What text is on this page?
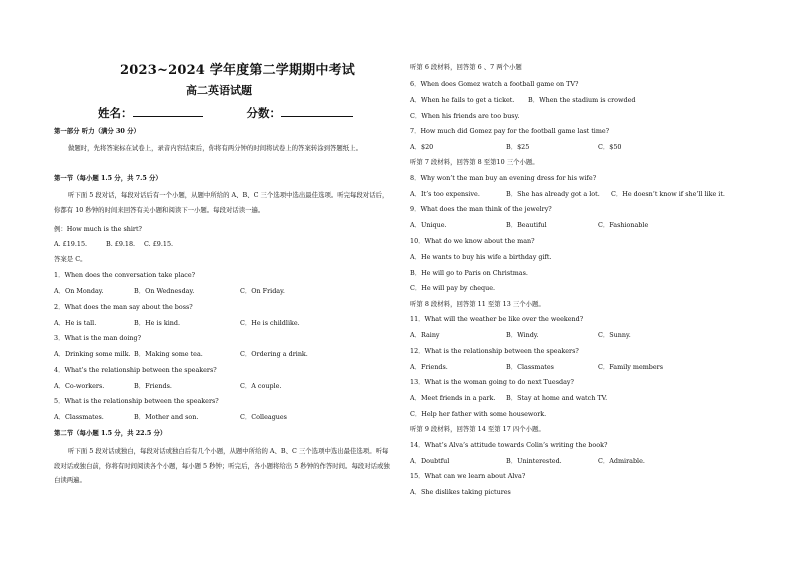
2023~2024 学年度第二学期期中考试
高二英语试题
姓名：	分数：
第一部分 听力（满分 30 分）
做题时，先将答案标在试卷上，录音内容结束后，你将有两分钟的时间将试卷上的答案转涂到答题纸上。
第一节（每小题 1.5 分，共 7.5 分）
听下面 5 段对话，每段对话后有一个小题，从题中所给的 A、B、C 三个选项中选出最佳选项。听完每段对话后，你都有 10 秒钟的时间来回答有关小题和阅读下一小题。每段对话读一遍。
例：How much is the shirt?
A. £19.15.	B. £9.18. C. £9.15.
答案是 C。
1．When does the conversation take place?
A．On Monday.	B．On Wednesday.	C．On Friday.
2．What does the man say about the boss?
A．He is tall.	B．He is kind.	C．He is childlike.
3．What is the man doing?
A．Drinking some milk. B．Making some tea.	C．Ordering a drink.
4．What’s the relationship between the speakers?
A．Co-workers.	B．Friends.	C．A couple.
5．What is the relationship between the speakers?
A．Classmates.	B．Mother and son.	C．Colleagues
第二节（每小题 1.5 分，共 22.5 分）
听下面 5 段对话或独白，每段对话或独白后有几个小题，从题中所给的 A、B、C 三个选项中选出最佳选项。听每段对话或独白前，你将有时间阅读各个小题，每小题 5 秒钟；听完后，各小题将给出 5 秒钟的作答时间。每段对话或独白读两遍。
听第 6 段材料，回答第 6 、7 两个小题
6．When does Gomez watch a football game on TV?
A．When he fails to get a ticket. B．When the stadium is crowded
C．When his friends are too busy.
7．How much did Gomez pay for the football game last time?
A．$20	B．$25	C．$50
听第 7 段材料，回答第 8 至第10 三个小题。
8．Why won’t the man buy an evening dress for his wife?
A．It’s too expensive.	B．She has already got a lot. C．He doesn’t know if she’ll like it.
9．What does the man think of the jewelry?
A．Unique.	B．Beautiful	C．Fashionable
10．What do we know about the man?
A．He wants to buy his wife a birthday gift.
B．He will go to Paris on Christmas.
C．He will pay by cheque.
听第 8 段材料，回答第 11 至第 13 三个小题。
11．What will the weather be like over the weekend?
A．Rainy	B．Windy.	C．Sunny.
12．What is the relationship between the speakers?
A．Friends.	B．Classmates	C．Family members
13．What is the woman going to do next Tuesday?
A．Meet friends in a park. B．Stay at home and watch TV.
C．Help her father with some housework.
听第 9 段材料，回答第 14 至第 17 四个小题。
14．What’s Alva’s attitude towards Colin’s writing the book?
A．Doubtful	B．Uninterested.	C．Admirable.
15．What can we learn about Alva?
A．She dislikes taking pictures
